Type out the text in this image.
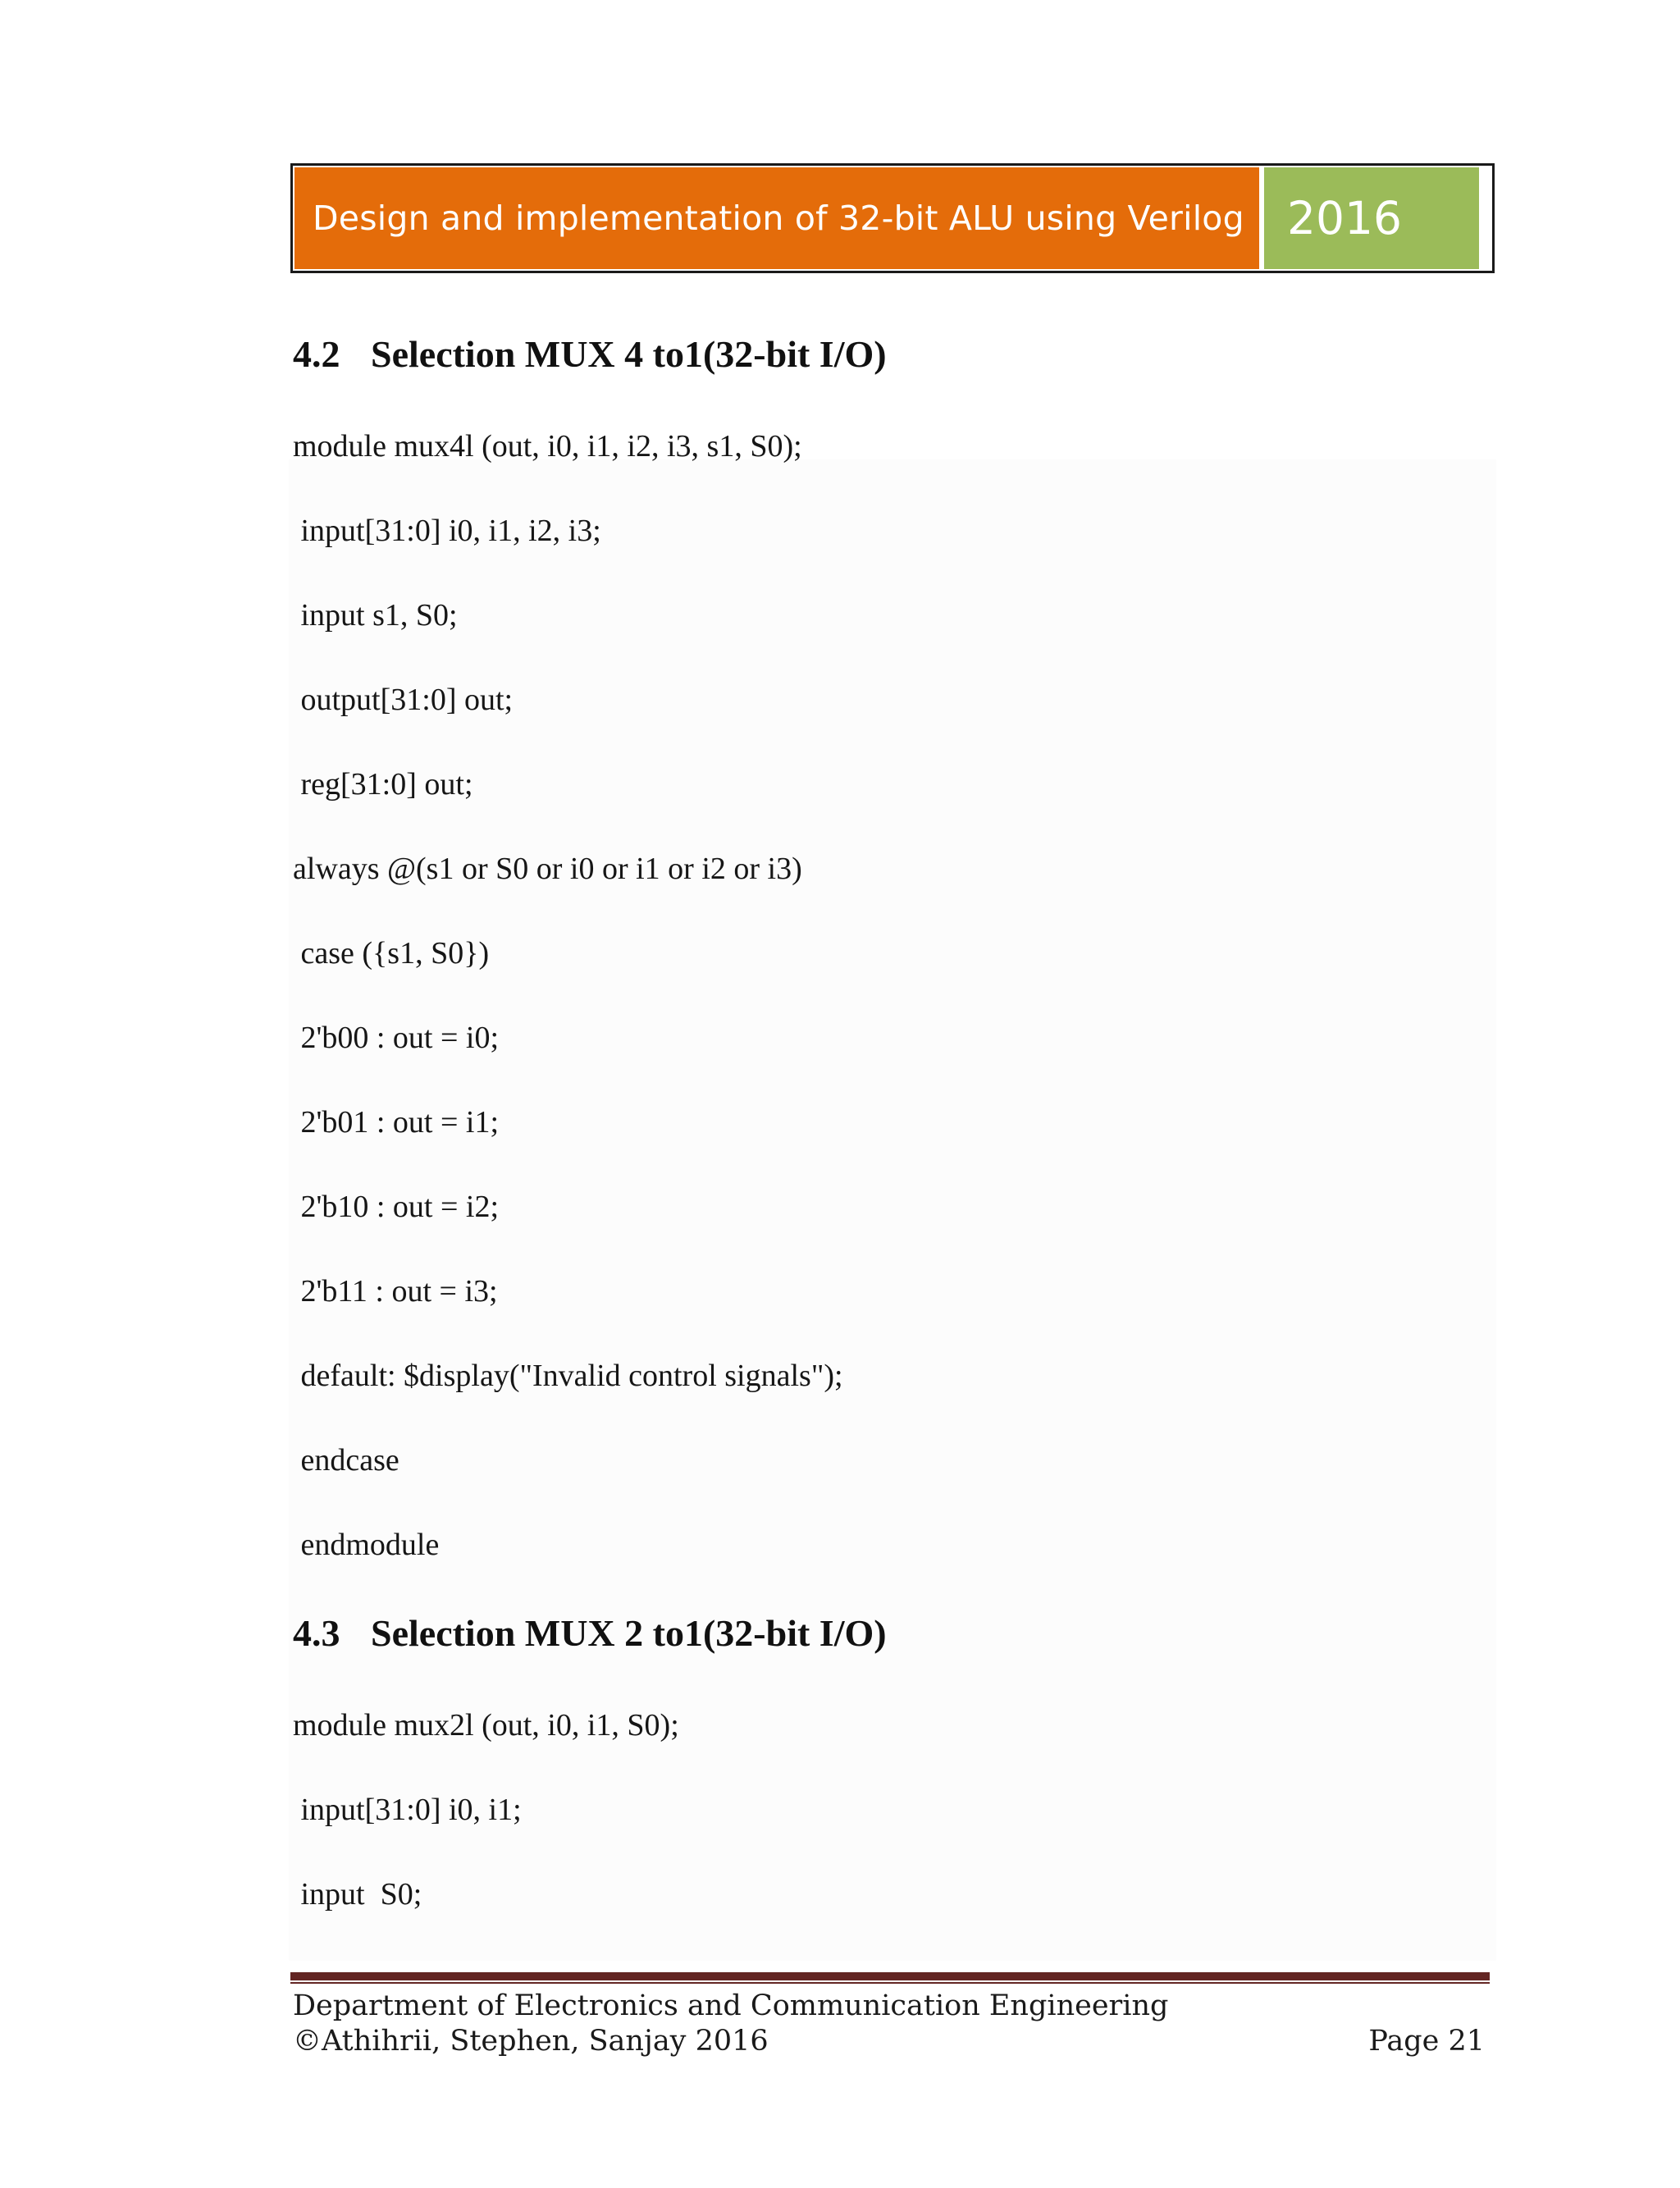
Design and implementation of 32-bit ALU using Verilog 2016
4.2 Selection MUX 4 to1(32-bit I/O)
module mux4l (out, i0, i1, i2, i3, s1, S0);
input[31:0] i0, i1, i2, i3;
input s1, S0;
output[31:0] out;
reg[31:0] out;
always @(s1 or S0 or i0 or i1 or i2 or i3)
case ({s1, S0})
2'b00 : out = i0;
2'b01 : out = i1;
2'b10 : out = i2;
2'b11 : out = i3;
default: $display("Invalid control signals");
endcase
endmodule
4.3 Selection MUX 2 to1(32-bit I/O)
module mux2l (out, i0, i1, S0);
input[31:0] i0, i1;
input  S0;
Department of Electronics and Communication Engineering
©Athihrii, Stephen, Sanjay 2016	Page 21
